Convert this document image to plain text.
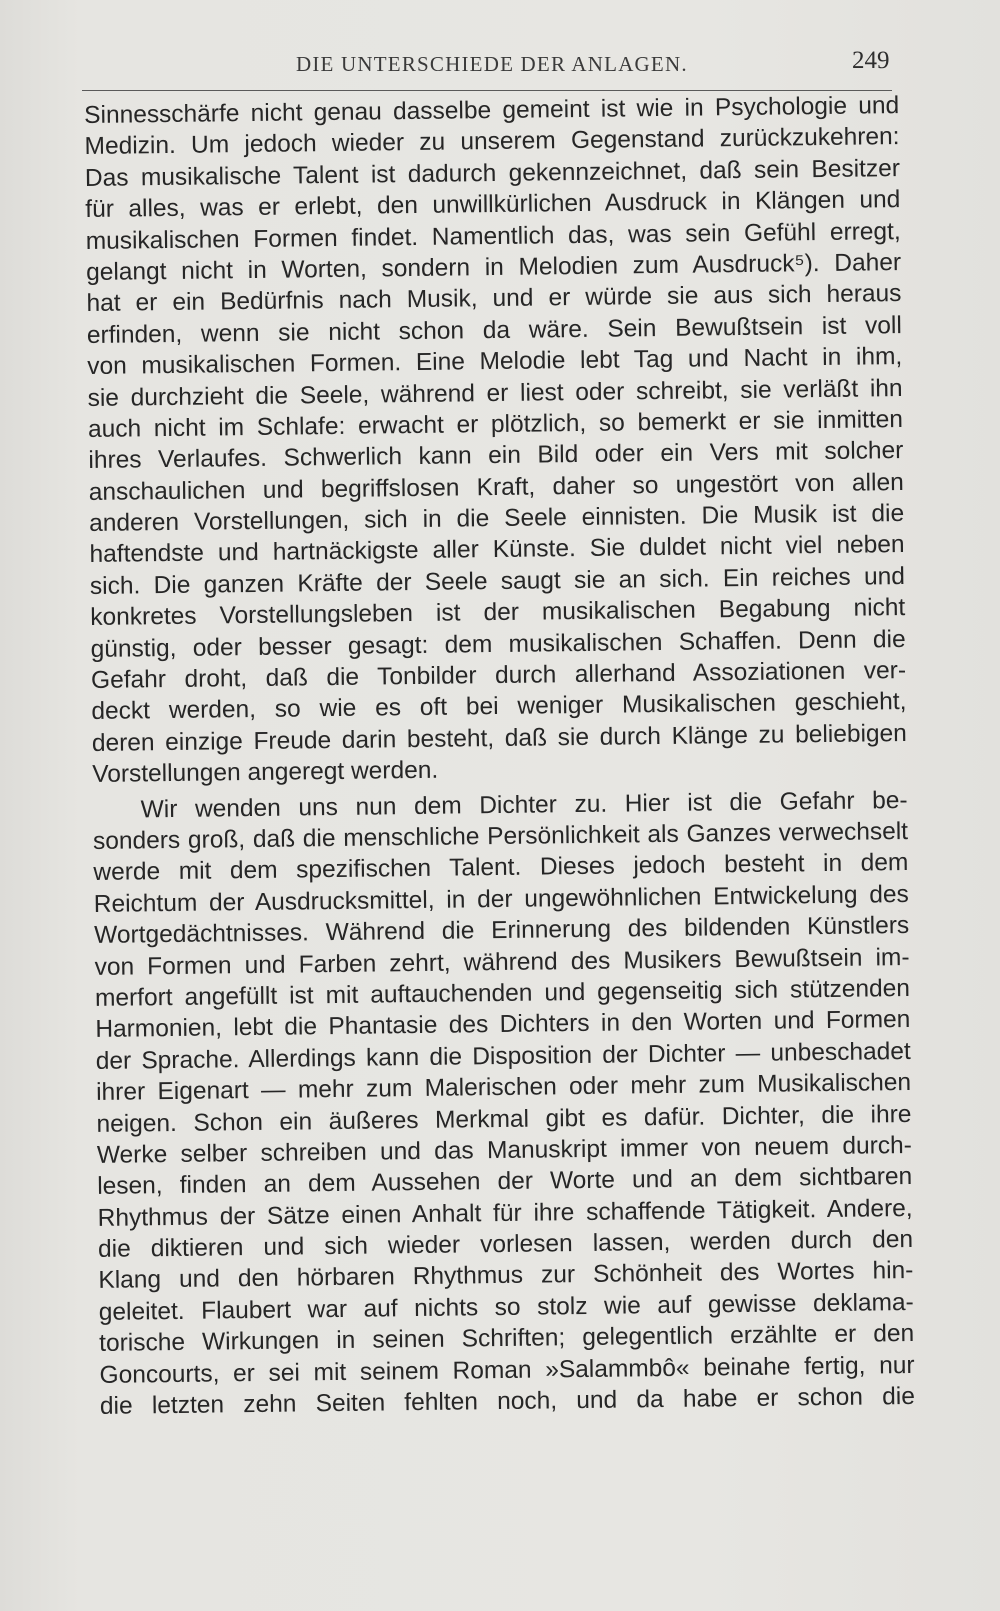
DIE UNTERSCHIEDE DER ANLAGEN.	249
Sinnesschärfe nicht genau dasselbe gemeint ist wie in Psychologie und
Medizin. Um jedoch wieder zu unserem Gegenstand zurückzukehren:
Das musikalische Talent ist dadurch gekennzeichnet, daß sein Besitzer
für alles, was er erlebt, den unwillkürlichen Ausdruck in Klängen und
musikalischen Formen findet. Namentlich das, was sein Gefühl erregt,
gelangt nicht in Worten, sondern in Melodien zum Ausdruck⁵). Daher
hat er ein Bedürfnis nach Musik, und er würde sie aus sich heraus
erfinden, wenn sie nicht schon da wäre. Sein Bewußtsein ist voll
von musikalischen Formen. Eine Melodie lebt Tag und Nacht in ihm,
sie durchzieht die Seele, während er liest oder schreibt, sie verläßt ihn
auch nicht im Schlafe: erwacht er plötzlich, so bemerkt er sie inmitten
ihres Verlaufes. Schwerlich kann ein Bild oder ein Vers mit solcher
anschaulichen und begriffslosen Kraft, daher so ungestört von allen
anderen Vorstellungen, sich in die Seele einnisten. Die Musik ist die
haftendste und hartnäckigste aller Künste. Sie duldet nicht viel neben
sich. Die ganzen Kräfte der Seele saugt sie an sich. Ein reiches und
konkretes Vorstellungsleben ist der musikalischen Begabung nicht
günstig, oder besser gesagt: dem musikalischen Schaffen. Denn die
Gefahr droht, daß die Tonbilder durch allerhand Assoziationen ver-
deckt werden, so wie es oft bei weniger Musikalischen geschieht,
deren einzige Freude darin besteht, daß sie durch Klänge zu beliebigen
Vorstellungen angeregt werden.
Wir wenden uns nun dem Dichter zu. Hier ist die Gefahr be-
sonders groß, daß die menschliche Persönlichkeit als Ganzes verwechselt
werde mit dem spezifischen Talent. Dieses jedoch besteht in dem
Reichtum der Ausdrucksmittel, in der ungewöhnlichen Entwickelung des
Wortgedächtnisses. Während die Erinnerung des bildenden Künstlers
von Formen und Farben zehrt, während des Musikers Bewußtsein im-
merfort angefüllt ist mit auftauchenden und gegenseitig sich stützenden
Harmonien, lebt die Phantasie des Dichters in den Worten und Formen
der Sprache. Allerdings kann die Disposition der Dichter — unbeschadet
ihrer Eigenart — mehr zum Malerischen oder mehr zum Musikalischen
neigen. Schon ein äußeres Merkmal gibt es dafür. Dichter, die ihre
Werke selber schreiben und das Manuskript immer von neuem durch-
lesen, finden an dem Aussehen der Worte und an dem sichtbaren
Rhythmus der Sätze einen Anhalt für ihre schaffende Tätigkeit. Andere,
die diktieren und sich wieder vorlesen lassen, werden durch den
Klang und den hörbaren Rhythmus zur Schönheit des Wortes hin-
geleitet. Flaubert war auf nichts so stolz wie auf gewisse deklama-
torische Wirkungen in seinen Schriften; gelegentlich erzählte er den
Goncourts, er sei mit seinem Roman »Salammbô« beinahe fertig, nur
die letzten zehn Seiten fehlten noch, und da habe er schon die
